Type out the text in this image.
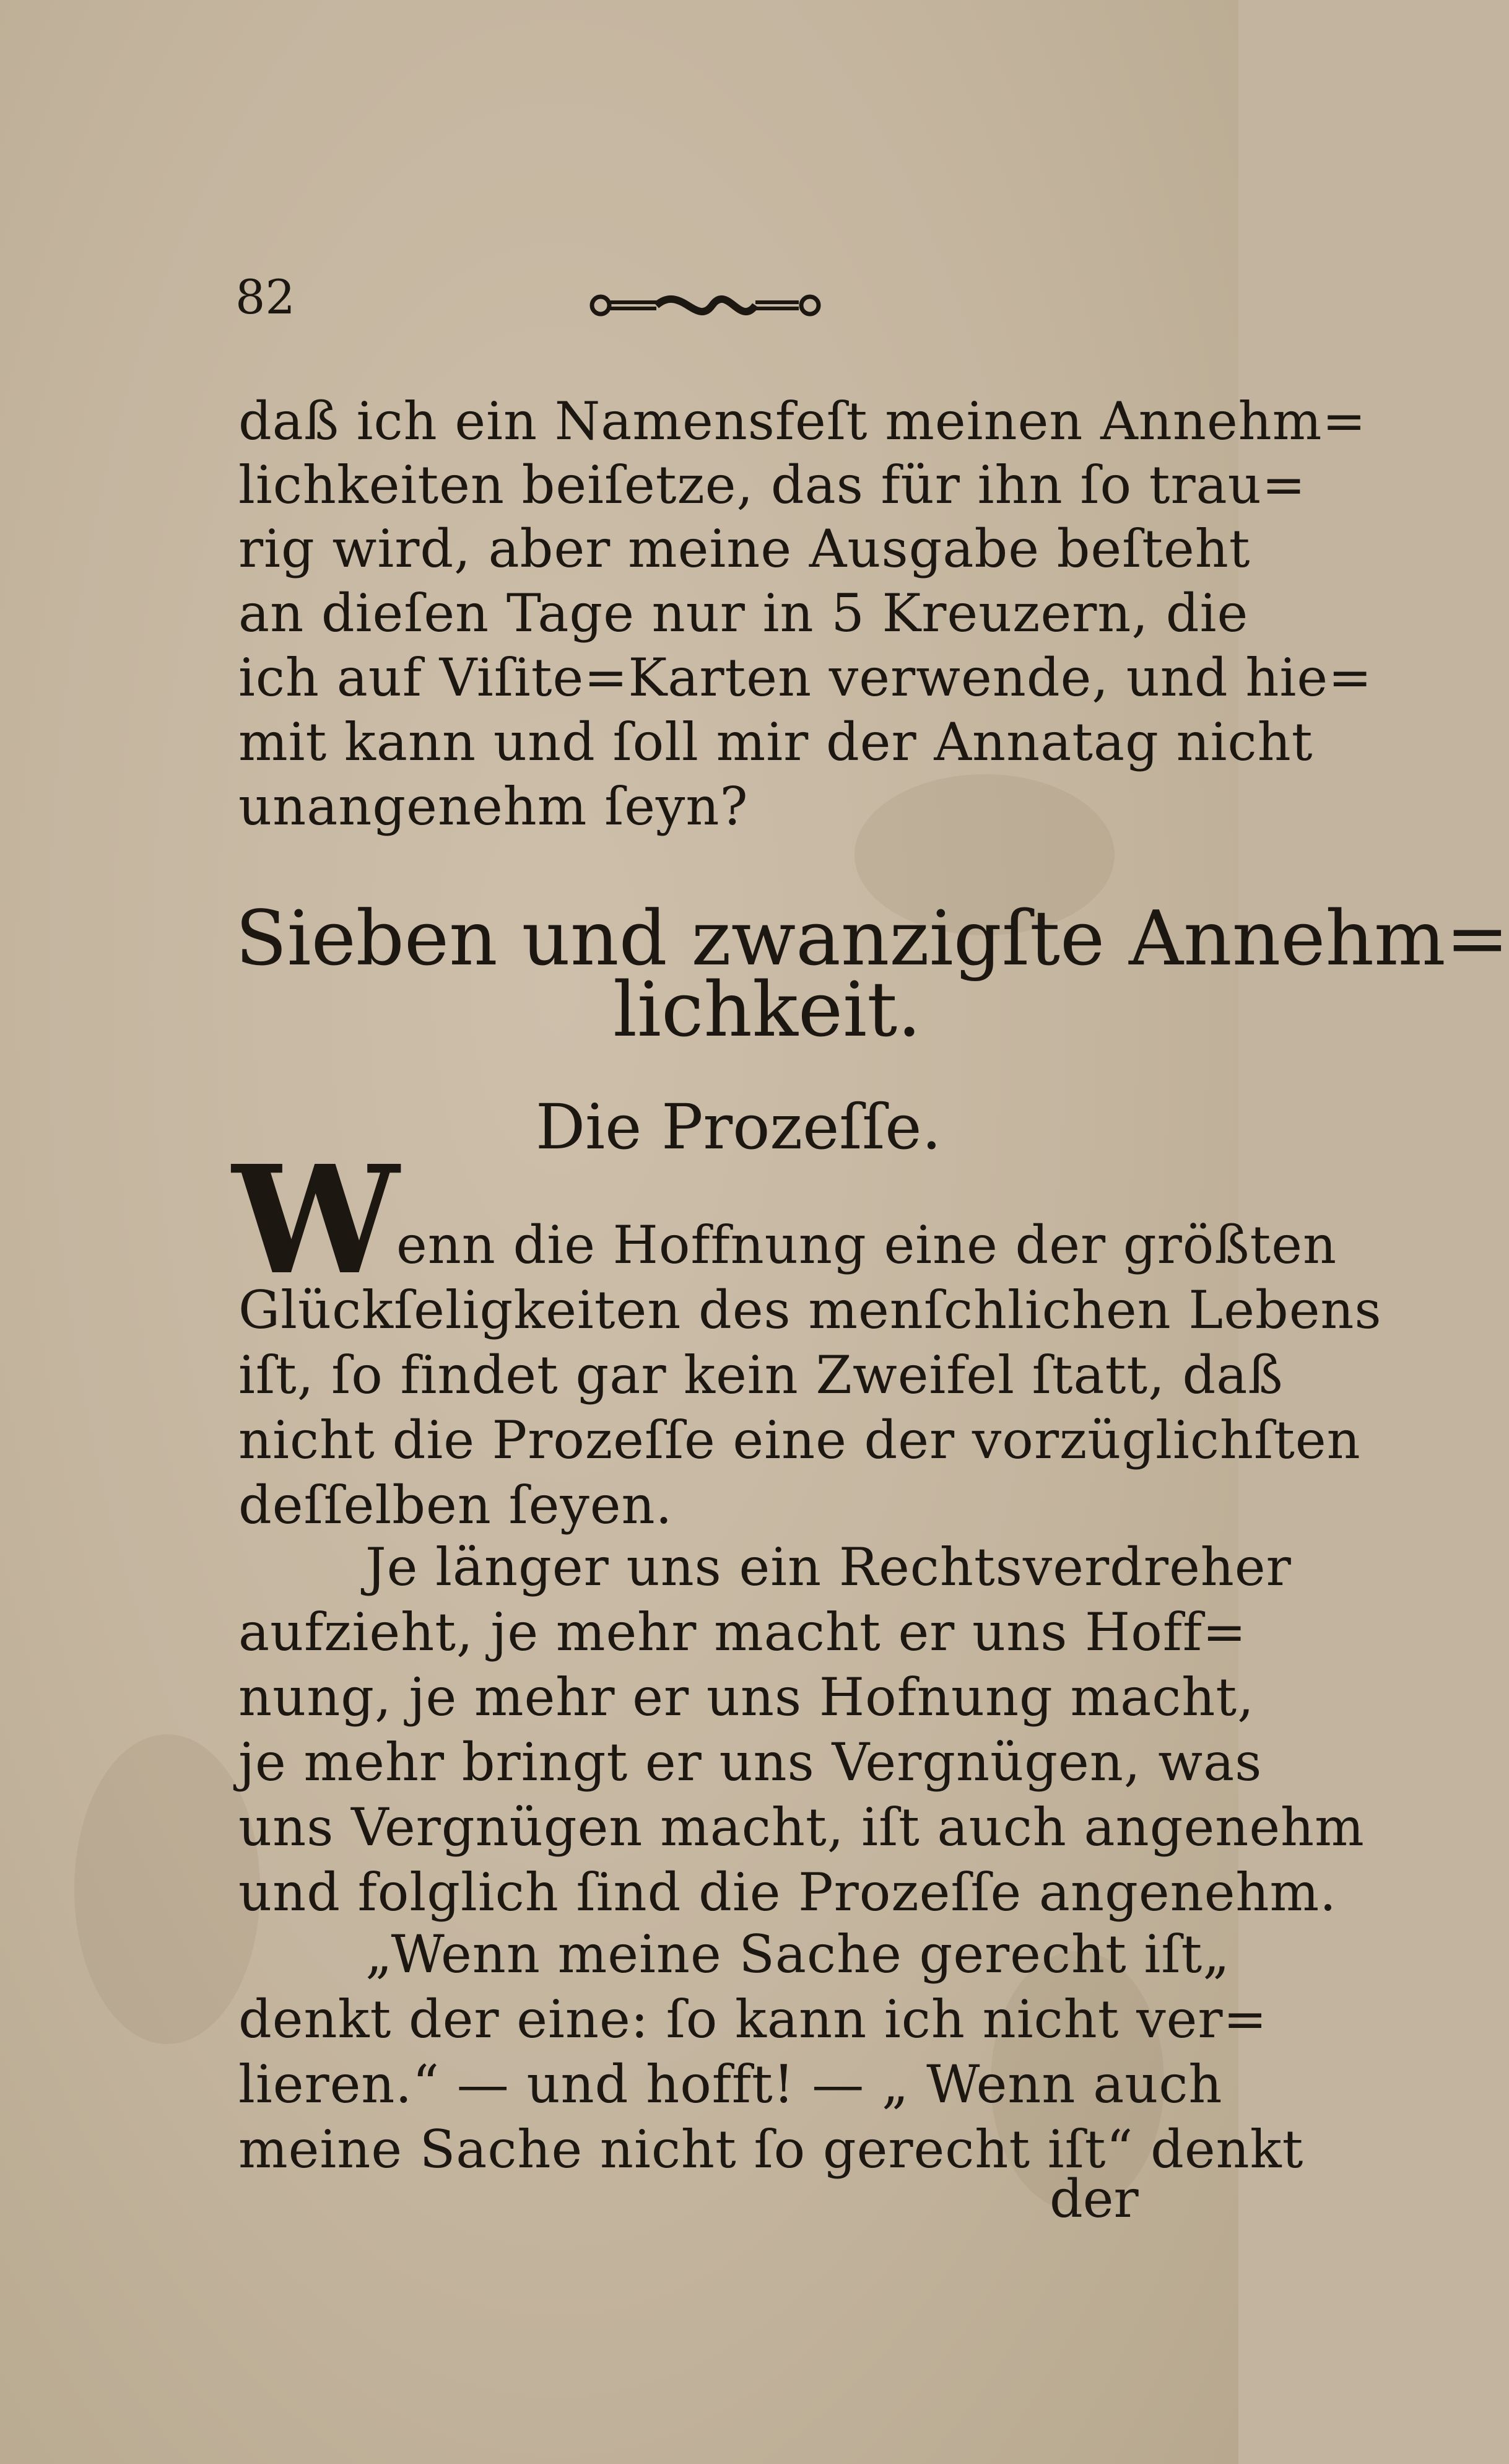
82
daß ich ein Namensfeſt meinen Annehm=
lichkeiten beiſetze, das für ihn ſo trau=
rig wird, aber meine Ausgabe beſteht
an dieſen Tage nur in 5 Kreuzern, die
ich auf Viſite=Karten verwende, und hie=
mit kann und ſoll mir der Annatag nicht
unangenehm ſeyn?
Sieben und zwanzigſte Annehm=
lichkeit.
Die Prozeſſe.
W
enn die Hoffnung eine der größten
Glückſeligkeiten des menſchlichen Lebens
iſt, ſo findet gar kein Zweifel ſtatt, daß
nicht die Prozeſſe eine der vorzüglichſten
deſſelben ſeyen.
Je länger uns ein Rechtsverdreher
aufzieht, je mehr macht er uns Hoff=
nung, je mehr er uns Hofnung macht,
je mehr bringt er uns Vergnügen, was
uns Vergnügen macht, iſt auch angenehm
und folglich ſind die Prozeſſe angenehm.
„Wenn meine Sache gerecht iſt„
denkt der eine: ſo kann ich nicht ver=
lieren.“ — und hofft! — „ Wenn auch
meine Sache nicht ſo gerecht iſt“ denkt
der
